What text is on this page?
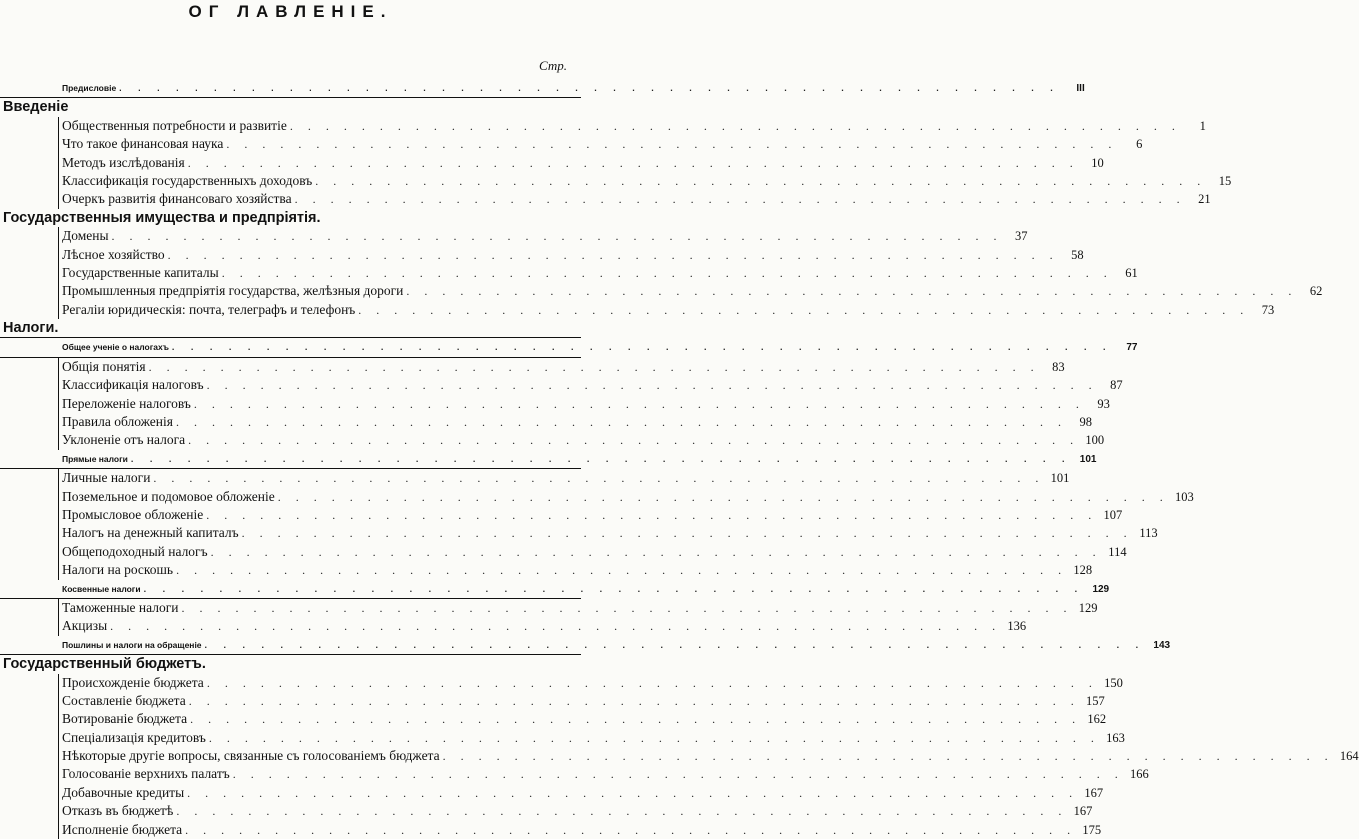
ОГ ЛАВЛЕНІЕ.
Стр.
Предисловіе . . . . . . . . . . . . . . . . . . . . . . . . . . . . . . . . . . . . . . . . . . . . . . . . . .	III
Введеніе
Общественныя потребности и развитіе . . . . . . . . . . . . . . . . . . . . . . . . . . . . . . . . . . . . . . . . . . . . . . . . . .	1
Что такое финансовая наука . . . . . . . . . . . . . . . . . . . . . . . . . . . . . . . . . . . . . . . . . . . . . . . . . .	6
Методъ изслѣдованія . . . . . . . . . . . . . . . . . . . . . . . . . . . . . . . . . . . . . . . . . . . . . . . . . .	10
Классификація государственныхъ доходовъ . . . . . . . . . . . . . . . . . . . . . . . . . . . . . . . . . . . . . . . . . . . . . . . . . .	15
Очеркъ развитія финансоваго хозяйства . . . . . . . . . . . . . . . . . . . . . . . . . . . . . . . . . . . . . . . . . . . . . . . . . .	21
Государственныя имущества и предпріятія.
Домены . . . . . . . . . . . . . . . . . . . . . . . . . . . . . . . . . . . . . . . . . . . . . . . . . .	37
Лѣсное хозяйство . . . . . . . . . . . . . . . . . . . . . . . . . . . . . . . . . . . . . . . . . . . . . . . . . .	58
Государственные капиталы . . . . . . . . . . . . . . . . . . . . . . . . . . . . . . . . . . . . . . . . . . . . . . . . . .	61
Промышленныя предпріятія государства, желѣзныя дороги . . . . . . . . . . . . . . . . . . . . . . . . . . . . . . . . . . . . . . . . . . . . . . . . . .	62
Регаліи юридическія: почта, телеграфъ и телефонъ . . . . . . . . . . . . . . . . . . . . . . . . . . . . . . . . . . . . . . . . . . . . . . . . . .	73
Налоги.
Общее ученіе о налогахъ . . . . . . . . . . . . . . . . . . . . . . . . . . . . . . . . . . . . . . . . . . . . . . . . . .	77
Общія понятія . . . . . . . . . . . . . . . . . . . . . . . . . . . . . . . . . . . . . . . . . . . . . . . . . .	83
Классификація налоговъ . . . . . . . . . . . . . . . . . . . . . . . . . . . . . . . . . . . . . . . . . . . . . . . . . .	87
Переложеніе налоговъ . . . . . . . . . . . . . . . . . . . . . . . . . . . . . . . . . . . . . . . . . . . . . . . . . .	93
Правила обложенія . . . . . . . . . . . . . . . . . . . . . . . . . . . . . . . . . . . . . . . . . . . . . . . . . .	98
Уклоненіе отъ налога . . . . . . . . . . . . . . . . . . . . . . . . . . . . . . . . . . . . . . . . . . . . . . . . . . 100
Прямые налоги . . . . . . . . . . . . . . . . . . . . . . . . . . . . . . . . . . . . . . . . . . . . . . . . . . 101
Личные налоги . . . . . . . . . . . . . . . . . . . . . . . . . . . . . . . . . . . . . . . . . . . . . . . . . . 101
Поземельное и подомовое обложеніе . . . . . . . . . . . . . . . . . . . . . . . . . . . . . . . . . . . . . . . . . . . . . . . . . . 103
Промысловое обложеніе . . . . . . . . . . . . . . . . . . . . . . . . . . . . . . . . . . . . . . . . . . . . . . . . . . 107
Налогъ на денежный капиталъ . . . . . . . . . . . . . . . . . . . . . . . . . . . . . . . . . . . . . . . . . . . . . . . . . . 113
Общеподоходный налогъ . . . . . . . . . . . . . . . . . . . . . . . . . . . . . . . . . . . . . . . . . . . . . . . . . . 114
Налоги на роскошь . . . . . . . . . . . . . . . . . . . . . . . . . . . . . . . . . . . . . . . . . . . . . . . . . . 128
Косвенные налоги . . . . . . . . . . . . . . . . . . . . . . . . . . . . . . . . . . . . . . . . . . . . . . . . . . 129
Таможенные налоги . . . . . . . . . . . . . . . . . . . . . . . . . . . . . . . . . . . . . . . . . . . . . . . . . . 129
Акцизы . . . . . . . . . . . . . . . . . . . . . . . . . . . . . . . . . . . . . . . . . . . . . . . . . . 136
Пошлины и налоги на обращеніе . . . . . . . . . . . . . . . . . . . . . . . . . . . . . . . . . . . . . . . . . . . . . . . . . . 143
Государственный бюджетъ.
Происхожденіе бюджета . . . . . . . . . . . . . . . . . . . . . . . . . . . . . . . . . . . . . . . . . . . . . . . . . . 150
Составленіе бюджета . . . . . . . . . . . . . . . . . . . . . . . . . . . . . . . . . . . . . . . . . . . . . . . . . . 157
Вотированіе бюджета . . . . . . . . . . . . . . . . . . . . . . . . . . . . . . . . . . . . . . . . . . . . . . . . . . 162
Спеціализація кредитовъ . . . . . . . . . . . . . . . . . . . . . . . . . . . . . . . . . . . . . . . . . . . . . . . . . . 163
Нѣкоторые другіе вопросы, связанные съ голосованіемъ бюджета . . . . . . . . . . . . . . . . . . . . . . . . . . . . . . . . . . . . . . . . . . . . . . . . . . 164
Голосованіе верхнихъ палатъ . . . . . . . . . . . . . . . . . . . . . . . . . . . . . . . . . . . . . . . . . . . . . . . . . . 166
Добавочные кредиты . . . . . . . . . . . . . . . . . . . . . . . . . . . . . . . . . . . . . . . . . . . . . . . . . . 167
Отказъ въ бюджетѣ . . . . . . . . . . . . . . . . . . . . . . . . . . . . . . . . . . . . . . . . . . . . . . . . . . 167
Исполненіе бюджета . . . . . . . . . . . . . . . . . . . . . . . . . . . . . . . . . . . . . . . . . . . . . . . . . . 175
